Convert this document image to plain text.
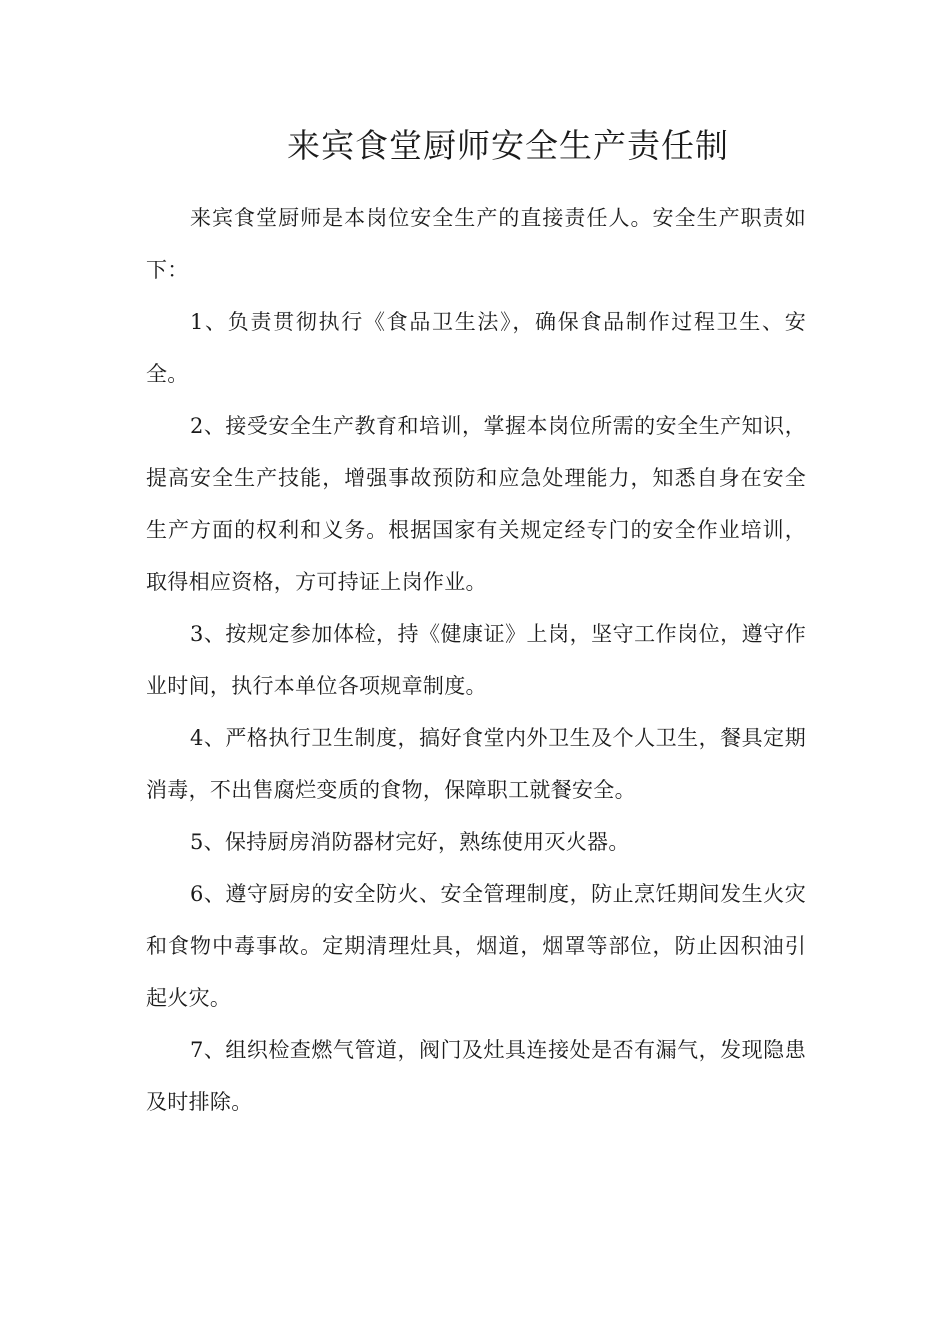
来宾食堂厨师安全生产责任制

来宾食堂厨师是本岗位安全生产的直接责任人。安全生产职责如下：

1、负责贯彻执行《食品卫生法》，确保食品制作过程卫生、安全。

2、接受安全生产教育和培训，掌握本岗位所需的安全生产知识，提高安全生产技能，增强事故预防和应急处理能力，知悉自身在安全生产方面的权利和义务。根据国家有关规定经专门的安全作业培训，取得相应资格，方可持证上岗作业。

3、按规定参加体检，持《健康证》上岗，坚守工作岗位，遵守作业时间，执行本单位各项规章制度。

4、严格执行卫生制度，搞好食堂内外卫生及个人卫生，餐具定期消毒，不出售腐烂变质的食物，保障职工就餐安全。

5、保持厨房消防器材完好，熟练使用灭火器。

6、遵守厨房的安全防火、安全管理制度，防止烹饪期间发生火灾和食物中毒事故。定期清理灶具，烟道，烟罩等部位，防止因积油引起火灾。

7、组织检查燃气管道，阀门及灶具连接处是否有漏气，发现隐患及时排除。
